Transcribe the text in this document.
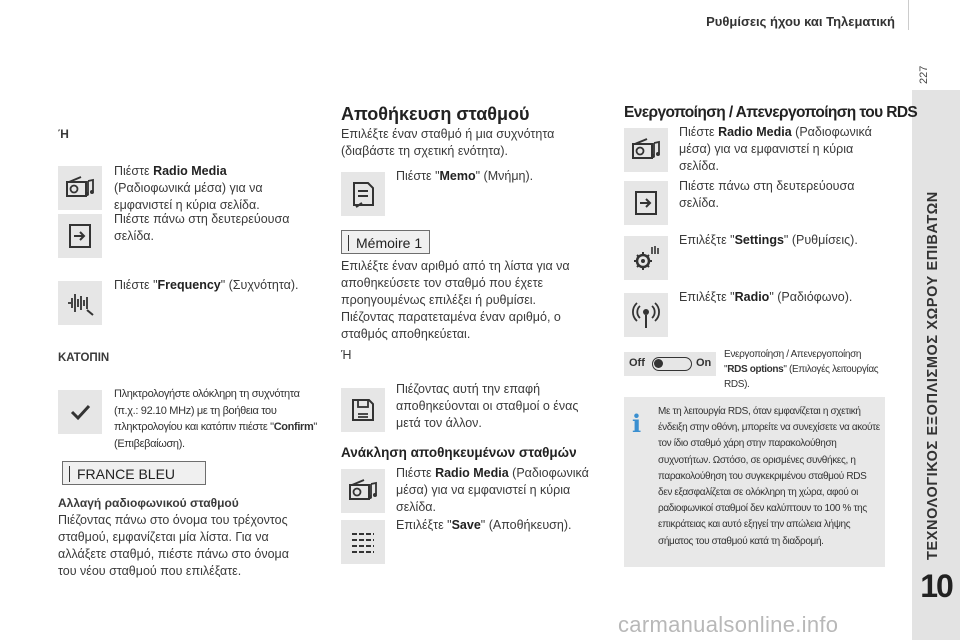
Ρυθμίσεις ήχου και Τηλεματική
227
ΤΕΧΝΟΛΟΓΙΚΟΣ ΕΞΟΠΛΙΣΜΟΣ ΧΩΡΟΥ ΕΠΙΒΑΤΩΝ
10
Ή

Πιέστε Radio Media (Ραδιοφωνικά μέσα) για να εμφανιστεί η κύρια σελίδα.

Πιέστε πάνω στη δευτερεύουσα σελίδα.

Πιέστε "Frequency" (Συχνότητα).

ΚΑΤΟΠΙΝ

Πληκτρολογήστε ολόκληρη τη συχνότητα (π.χ.: 92.10 MHz) με τη βοήθεια του πληκτρολογίου και κατόπιν πιέστε "Confirm" (Επιβεβαίωση).

FRANCE BLEU
Αλλαγή ραδιοφωνικού σταθμού

Πιέζοντας πάνω στο όνομα του τρέχοντος σταθμού, εμφανίζεται μία λίστα. Για να αλλάξετε σταθμό, πιέστε πάνω στο όνομα του νέου σταθμού που επιλέξατε.

Αποθήκευση σταθμού

Επιλέξτε έναν σταθμό ή μια συχνότητα (διαβάστε τη σχετική ενότητα).

Πιέστε "Memo" (Μνήμη).

Mémoire 1

Επιλέξτε έναν αριθμό από τη λίστα για να αποθηκεύσετε τον σταθμό που έχετε προηγουμένως επιλέξει ή ρυθμίσει. Πιέζοντας παρατεταμένα έναν αριθμό, ο σταθμός αποθηκεύεται.

Ή

Πιέζοντας αυτή την επαφή αποθηκεύονται οι σταθμοί ο ένας μετά τον άλλον.

Ανάκληση αποθηκευμένων σταθμών

Πιέστε Radio Media (Ραδιοφωνικά μέσα) για να εμφανιστεί η κύρια σελίδα.

Επιλέξτε "Save" (Αποθήκευση).

Ενεργοποίηση / Απενεργοποίηση του RDS

Πιέστε Radio Media (Ραδιοφωνικά μέσα) για να εμφανιστεί η κύρια σελίδα.

Πιέστε πάνω στη δευτερεύουσα σελίδα.

Επιλέξτε "Settings" (Ρυθμίσεις).

Επιλέξτε "Radio" (Ραδιόφωνο).

Off	On

Ενεργοποίηση / Απενεργοποίηση "RDS options" (Επιλογές λειτουργίας RDS).

i	Με τη λειτουργία RDS, όταν εμφανίζεται η σχετική ένδειξη στην οθόνη, μπορείτε να συνεχίσετε να ακούτε τον ίδιο σταθμό χάρη στην παρακολούθηση συχνοτήτων. Ωστόσο, σε ορισμένες συνθήκες, η παρακολούθηση του συγκεκριμένου σταθμού RDS δεν εξασφαλίζεται σε ολόκληρη τη χώρα, αφού οι ραδιοφωνικοί σταθμοί δεν καλύπτουν το 100 % της επικράτειας και αυτό εξηγεί την απώλεια λήψης σήματος του σταθμού κατά τη διαδρομή.

carmanualsonline.info
